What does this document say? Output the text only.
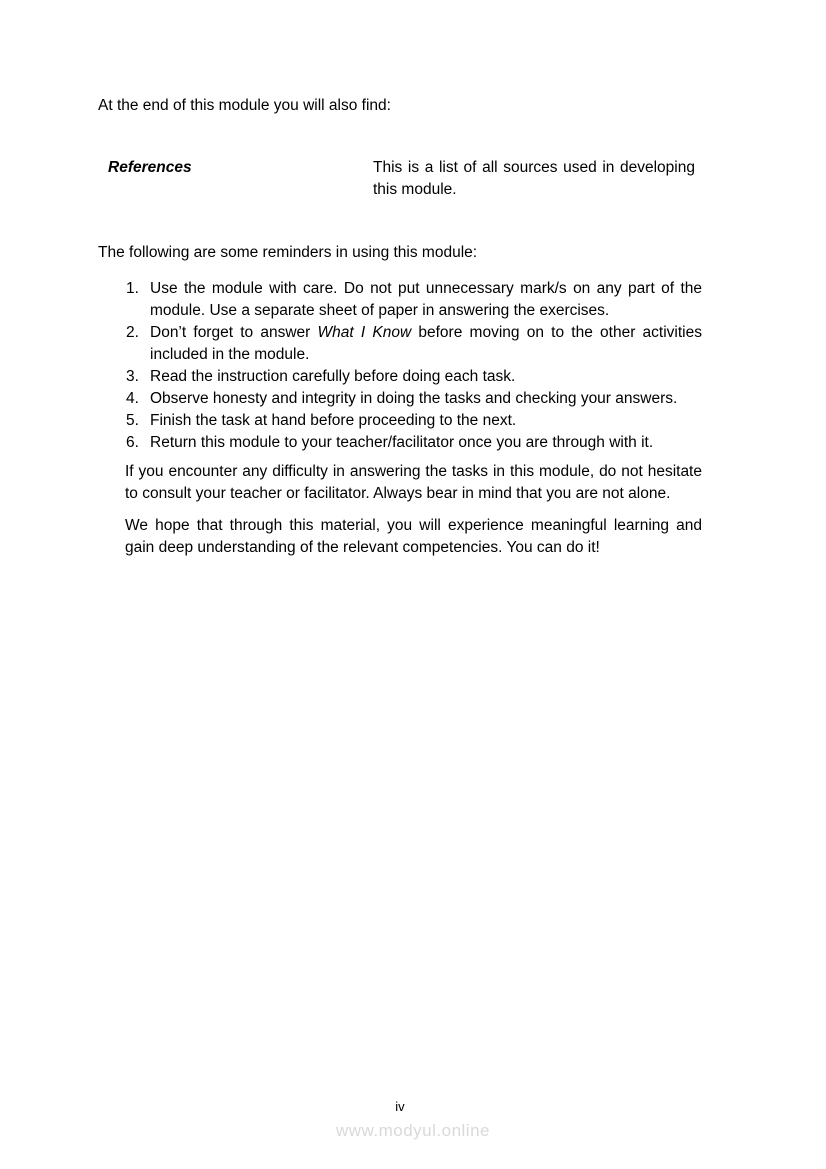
At the end of this module you will also find:

References	This is a list of all sources used in developing this module.

The following are some reminders in using this module:

1. Use the module with care. Do not put unnecessary mark/s on any part of the module. Use a separate sheet of paper in answering the exercises.
2. Don’t forget to answer What I Know before moving on to the other activities included in the module.
3. Read the instruction carefully before doing each task.
4. Observe honesty and integrity in doing the tasks and checking your answers.
5. Finish the task at hand before proceeding to the next.
6. Return this module to your teacher/facilitator once you are through with it.

If you encounter any difficulty in answering the tasks in this module, do not hesitate to consult your teacher or facilitator. Always bear in mind that you are not alone.

We hope that through this material, you will experience meaningful learning and gain deep understanding of the relevant competencies. You can do it!

iv
www.modyul.online
